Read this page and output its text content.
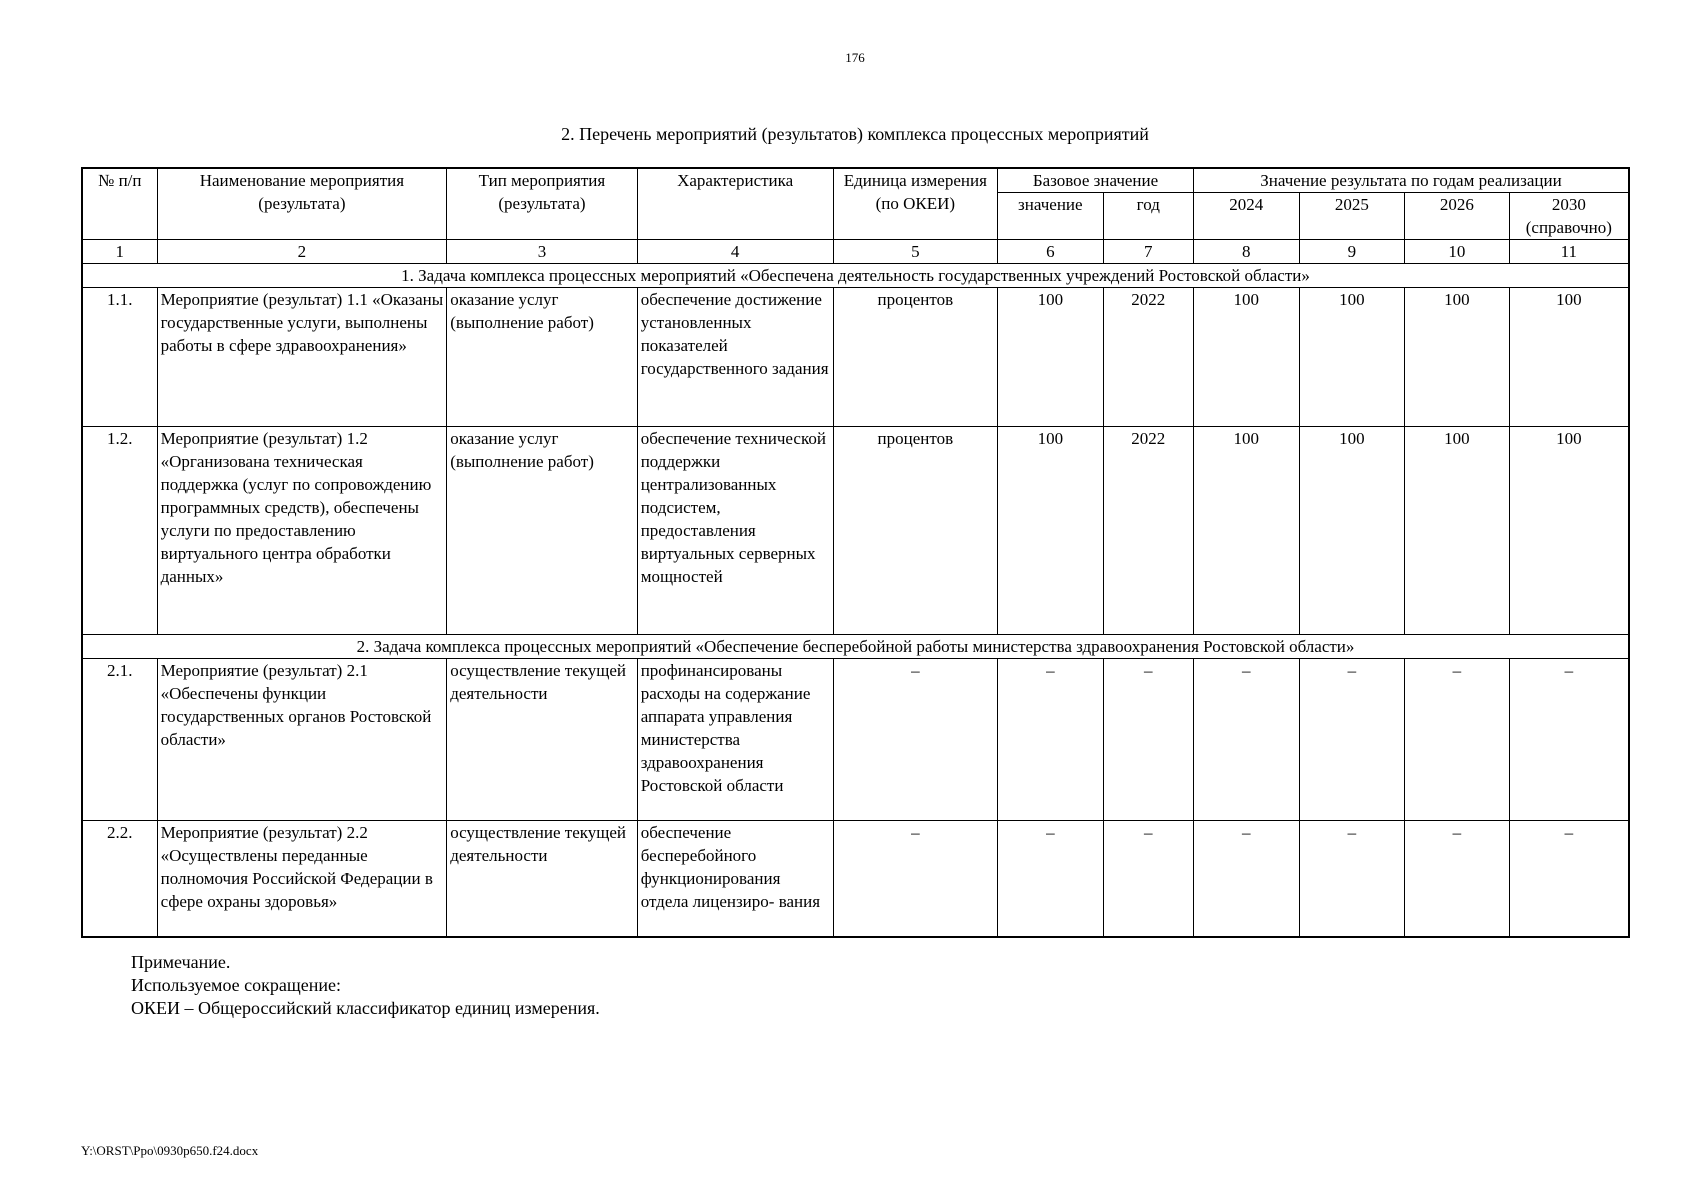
176
2. Перечень мероприятий (результатов) комплекса процессных мероприятий
№ п/п	Наименование мероприятия (результата)	Тип мероприятия (результата)	Характеристика	Единица измерения (по ОКЕИ)	Базовое значение		Значение результата по годам реализации			
					значение	год	2024	2025	2026	2030 (справочно)
1	2	3	4	5	6	7	8	9	10	11
1. Задача комплекса процессных мероприятий «Обеспечена деятельность государственных учреждений Ростовской области»										
1.1.	Мероприятие (результат) 1.1 «Оказаны государственные услуги, выполнены работы в сфере здравоохранения»	оказание услуг (выполнение работ)	обеспечение достижение установленных показателей государственного задания	процентов	100	2022	100	100	100	100
1.2.	Мероприятие (результат) 1.2 «Организована техническая поддержка (услуг по сопровождению программных средств), обеспечены услуги по предоставлению виртуального центра обработки данных»	оказание услуг (выполнение работ)	обеспечение технической поддержки централизованных подсистем, предоставления виртуальных серверных мощностей	процентов	100	2022	100	100	100	100
2. Задача комплекса процессных мероприятий «Обеспечение бесперебойной работы министерства здравоохранения Ростовской области»										
2.1.	Мероприятие (результат) 2.1 «Обеспечены функции государственных органов Ростовской области»	осуществление текущей деятельности	профинансированы расходы на содержание аппарата управления министерства здравоохранения Ростовской области	–	–	–	–	–	–	–
2.2.	Мероприятие (результат) 2.2 «Осуществлены переданные полномочия Российской Федерации в сфере охраны здоровья»	осуществление текущей деятельности	обеспечение бесперебойного функционирования отдела лицензиро- вания	–	–	–	–	–	–	–
Примечание.
Используемое сокращение:
ОКЕИ – Общероссийский классификатор единиц измерения.
Y:\ORST\Ppo\0930p650.f24.docx
